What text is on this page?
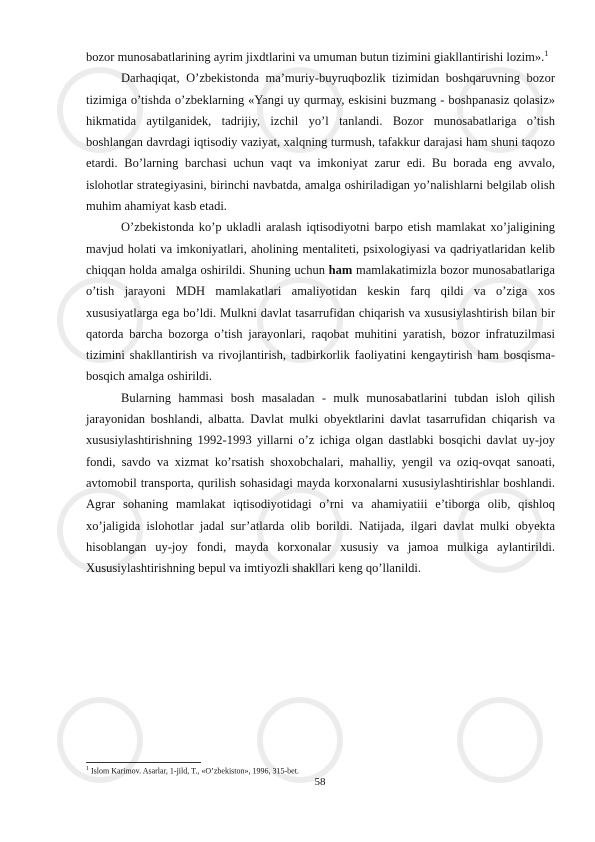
bozor munosabatlarining ayrim jixdtlarini va umuman butun tizimini giakllantirishi lozim».$^1$

Darhaqiqat, O’zbekistonda ma’muriy-buyruqbozlik tizimidan boshqaruvning bozor tizimiga o’tishda o’zbeklarning «Yangi uy qurmay, eskisini buzmang - boshpanasiz qolasiz» hikmatida aytilganidek, tadrijiy, izchil yo’l tanlandi. Bozor munosabatlariga o’tish boshlangan davrdagi iqtisodiy vaziyat, xalqning turmush, tafakkur darajasi ham shuni taqozo etardi. Bo’larning barchasi uchun vaqt va imkoniyat zarur edi. Bu borada eng avvalo, islohotlar strategiyasini, birinchi navbatda, amalga oshiriladigan yo’nalishlarni belgilab olish muhim ahamiyat kasb etadi.

O’zbekistonda ko’p ukladli aralash iqtisodiyotni barpo etish mamlakat xo’jaligining mavjud holati va imkoniyatlari, aholining mentaliteti, psixologiyasi va qadriyatlaridan kelib chiqqan holda amalga oshirildi. Shuning uchun ham mamlakatimizla bozor munosabatlariga o’tish jarayoni MDH mamlakatlari amaliyotidan keskin farq qildi va o’ziga xos xususiyatlarga ega bo’ldi. Mulkni davlat tasarrufidan chiqarish va xususiylashtirish bilan bir qatorda barcha bozorga o’tish jarayonlari, raqobat muhitini yaratish, bozor infratuzilmasi tizimini shakllantirish va rivojlantirish, tadbirkorlik faoliyatini kengaytirish ham bosqisma-bosqich amalga oshirildi.

Bularning hammasi bosh masaladan - mulk munosabatlarini tubdan isloh qilish jarayonidan boshlandi, albatta. Davlat mulki obyektlarini davlat tasarrufidan chiqarish va xususiylashtirishning 1992-1993 yillarni o’z ichiga olgan dastlabki bosqichi davlat uy-joy fondi, savdo va xizmat ko’rsatish shoxobchalari, mahalliy, yengil va oziq-ovqat sanoati, avtomobil transporta, qurilish sohasidagi mayda korxonalarni xususiylashtirishlar boshlandi. Agrar sohaning mamlakat iqtisodiyotidagi o’rni va ahamiyatiii e’tiborga olib, qishloq xo’jaligida islohotlar jadal sur’atlarda olib borildi. Natijada, ilgari davlat mulki obyekta hisoblangan uy-joy fondi, mayda korxonalar xususiy va jamoa mulkiga aylantirildi. Xususiylashtirishning bepul va imtiyozli shakllari keng qo’llanildi.

$^1$ Islom Karimov. Asarlar, 1-jild, T., «O’zbekiston», 1996, 315-bet.
58
